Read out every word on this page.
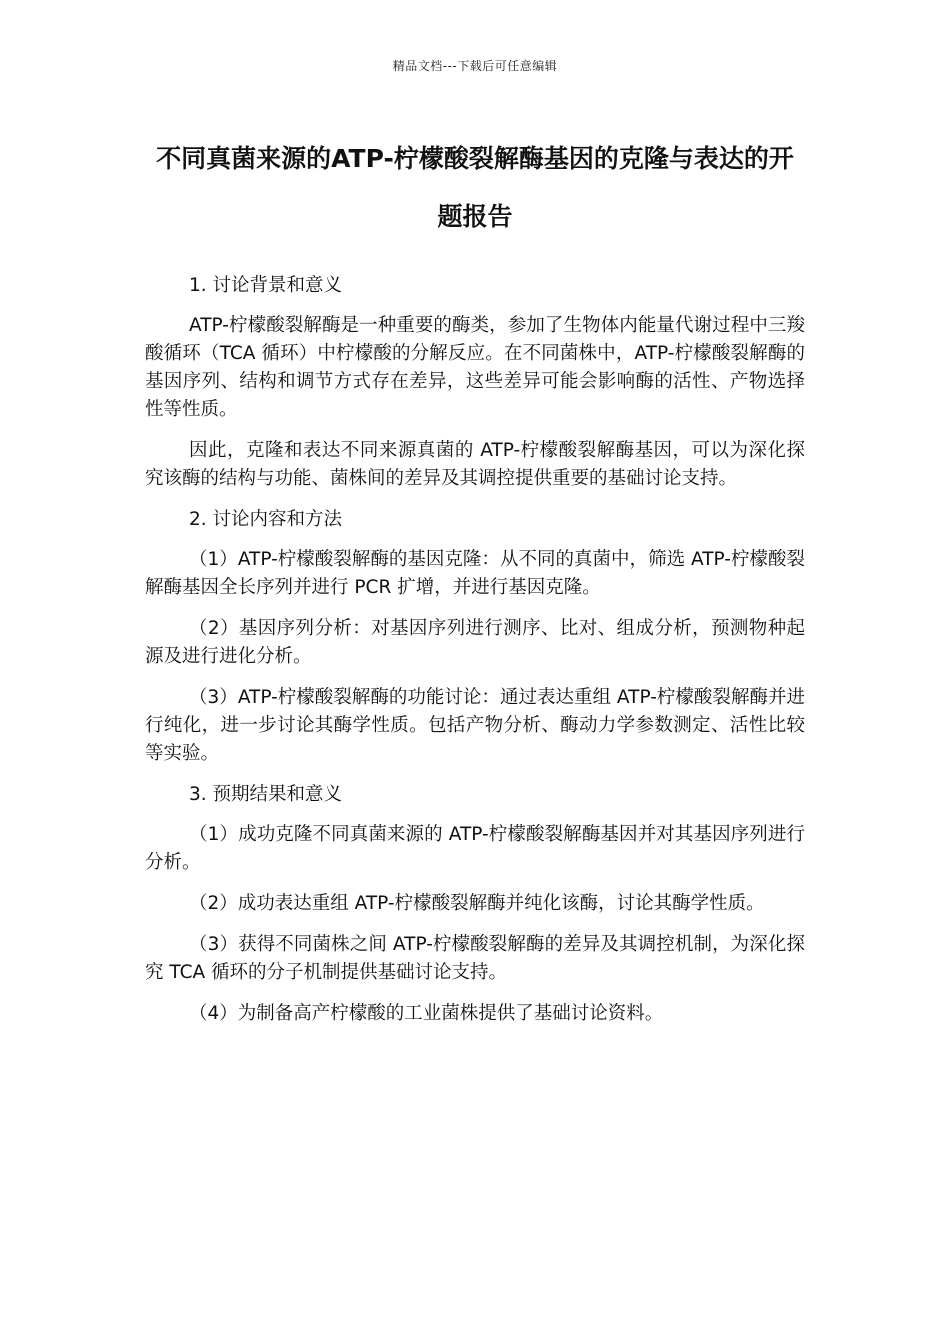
精品文档---下载后可任意编辑
不同真菌来源的ATP-柠檬酸裂解酶基因的克隆与表达的开题报告

1. 讨论背景和意义

ATP-柠檬酸裂解酶是一种重要的酶类，参加了生物体内能量代谢过程中三羧酸循环（TCA 循环）中柠檬酸的分解反应。在不同菌株中，ATP-柠檬酸裂解酶的基因序列、结构和调节方式存在差异，这些差异可能会影响酶的活性、产物选择性等性质。

因此，克隆和表达不同来源真菌的 ATP-柠檬酸裂解酶基因，可以为深化探究该酶的结构与功能、菌株间的差异及其调控提供重要的基础讨论支持。

2. 讨论内容和方法

（1）ATP-柠檬酸裂解酶的基因克隆：从不同的真菌中，筛选 ATP-柠檬酸裂解酶基因全长序列并进行 PCR 扩增，并进行基因克隆。

（2）基因序列分析：对基因序列进行测序、比对、组成分析，预测物种起源及进行进化分析。

（3）ATP-柠檬酸裂解酶的功能讨论：通过表达重组 ATP-柠檬酸裂解酶并进行纯化，进一步讨论其酶学性质。包括产物分析、酶动力学参数测定、活性比较等实验。

3. 预期结果和意义

（1）成功克隆不同真菌来源的 ATP-柠檬酸裂解酶基因并对其基因序列进行分析。

（2）成功表达重组 ATP-柠檬酸裂解酶并纯化该酶，讨论其酶学性质。

（3）获得不同菌株之间 ATP-柠檬酸裂解酶的差异及其调控机制，为深化探究 TCA 循环的分子机制提供基础讨论支持。

（4）为制备高产柠檬酸的工业菌株提供了基础讨论资料。
